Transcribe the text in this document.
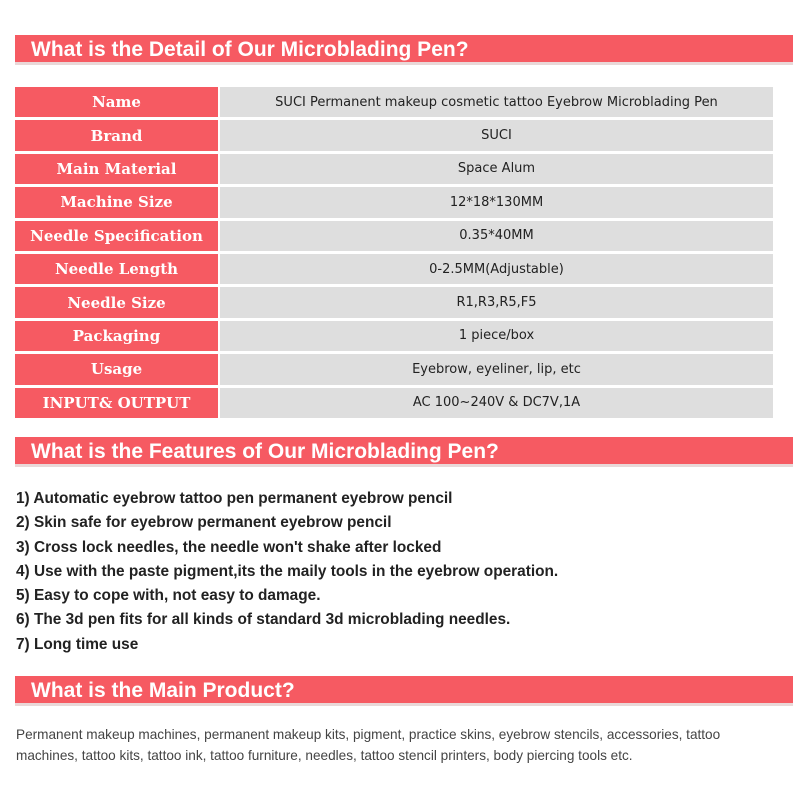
What is the Detail of Our Microblading Pen?
Name	SUCI Permanent makeup cosmetic tattoo Eyebrow Microblading Pen
Brand	SUCI
Main Material	Space Alum
Machine Size	12*18*130MM
Needle Specification	0.35*40MM
Needle Length	0-2.5MM(Adjustable)
Needle Size	R1,R3,R5,F5
Packaging	1 piece/box
Usage	Eyebrow, eyeliner, lip, etc
INPUT& OUTPUT	AC 100~240V & DC7V,1A
What is the Features of Our Microblading Pen?
1) Automatic eyebrow tattoo pen permanent eyebrow pencil
2) Skin safe for eyebrow permanent eyebrow pencil
3) Cross lock needles, the needle won't shake after locked
4) Use with the paste pigment,its the maily tools in the eyebrow operation.
5) Easy to cope with, not easy to damage.
6) The 3d pen fits for all kinds of standard 3d microblading needles.
7) Long time use
What is the Main Product?
Permanent makeup machines, permanent makeup kits, pigment, practice skins, eyebrow stencils, accessories, tattoo machines, tattoo kits, tattoo ink, tattoo furniture, needles, tattoo stencil printers, body piercing tools etc.
